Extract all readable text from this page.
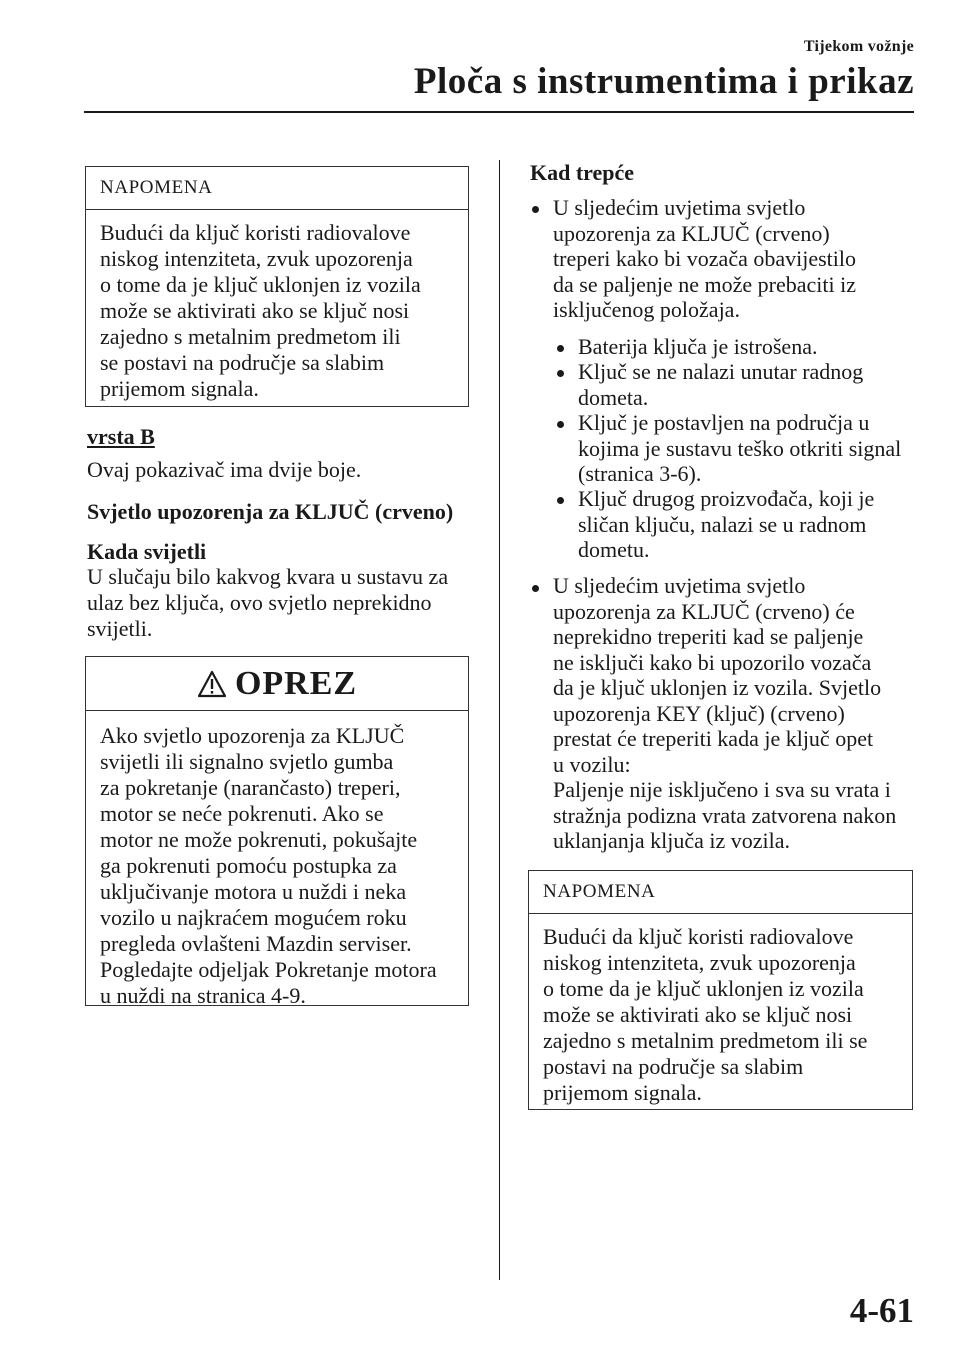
Tijekom vožnje
Ploča s instrumentima i prikaz
NAPOMENA
Budući da ključ koristi radiovalove
niskog intenziteta, zvuk upozorenja
o tome da je ključ uklonjen iz vozila
može se aktivirati ako se ključ nosi
zajedno s metalnim predmetom ili
se postavi na područje sa slabim
prijemom signala.
vrsta B
Ovaj pokazivač ima dvije boje.
Svjetlo upozorenja za KLJUČ (crveno)
Kada svijetli
U slučaju bilo kakvog kvara u sustavu za
ulaz bez ključa, ovo svjetlo neprekidno
svijetli.
OPREZ
Ako svjetlo upozorenja za KLJUČ
svijetli ili signalno svjetlo gumba
za pokretanje (narančasto) treperi,
motor se neće pokrenuti. Ako se
motor ne može pokrenuti, pokušajte
ga pokrenuti pomoću postupka za
uključivanje motora u nuždi i neka
vozilo u najkraćem mogućem roku
pregleda ovlašteni Mazdin serviser.
Pogledajte odjeljak Pokretanje motora
u nuždi na stranica 4-9.
Kad trepće
U sljedećim uvjetima svjetlo
upozorenja za KLJUČ (crveno)
treperi kako bi vozača obavijestilo
da se paljenje ne može prebaciti iz
isključenog položaja.
Baterija ključa je istrošena.
Ključ se ne nalazi unutar radnog
dometa.
Ključ je postavljen na područja u
kojima je sustavu teško otkriti signal
(stranica 3-6).
Ključ drugog proizvođača, koji je
sličan ključu, nalazi se u radnom
dometu.
U sljedećim uvjetima svjetlo
upozorenja za KLJUČ (crveno) će
neprekidno treperiti kad se paljenje
ne isključi kako bi upozorilo vozača
da je ključ uklonjen iz vozila. Svjetlo
upozorenja KEY (ključ) (crveno)
prestat će treperiti kada je ključ opet
u vozilu:
Paljenje nije isključeno i sva su vrata i
stražnja podizna vrata zatvorena nakon
uklanjanja ključa iz vozila.
NAPOMENA
Budući da ključ koristi radiovalove
niskog intenziteta, zvuk upozorenja
o tome da je ključ uklonjen iz vozila
može se aktivirati ako se ključ nosi
zajedno s metalnim predmetom ili se
postavi na područje sa slabim
prijemom signala.
4-61
